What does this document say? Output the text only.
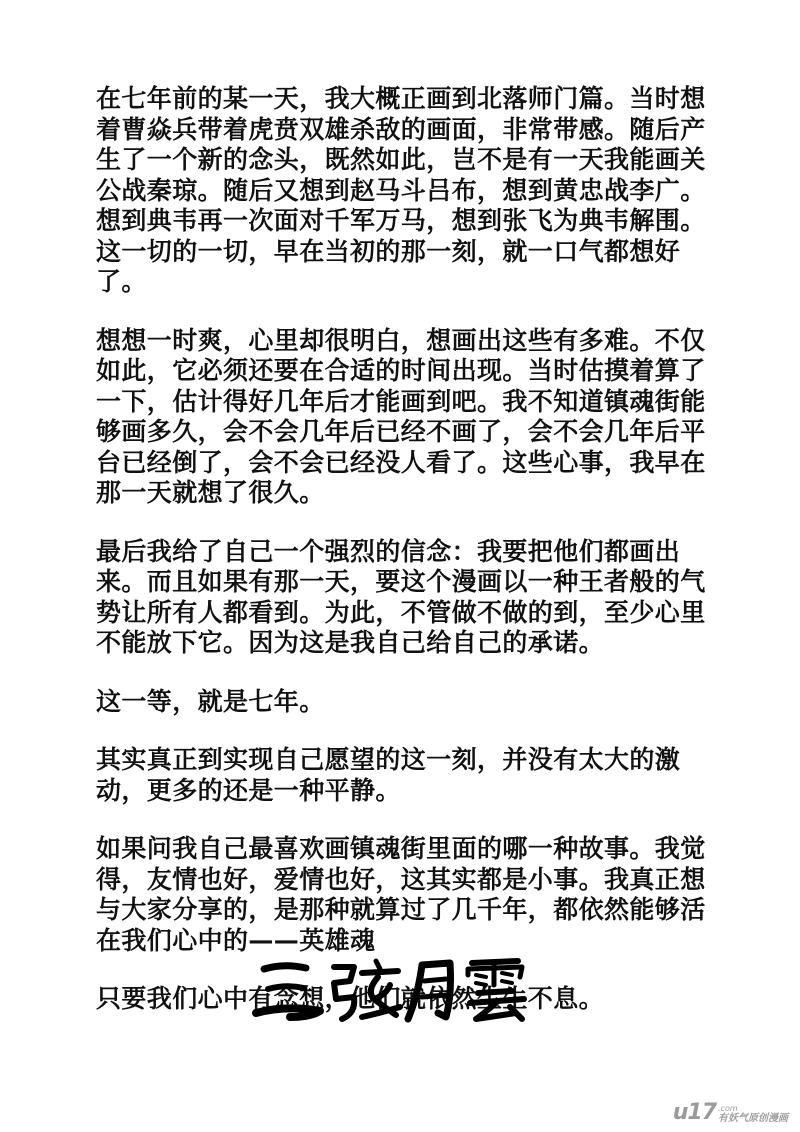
在七年前的某一天，我大概正画到北落师门篇。当时想着曹焱兵带着虎贲双雄杀敌的画面，非常带感。随后产生了一个新的念头，既然如此，岂不是有一天我能画关公战秦琼。随后又想到赵马斗吕布，想到黄忠战李广。想到典韦再一次面对千军万马，想到张飞为典韦解围。这一切的一切，早在当初的那一刻，就一口气都想好了。

想想一时爽，心里却很明白，想画出这些有多难。不仅如此，它必须还要在合适的时间出现。当时估摸着算了一下，估计得好几年后才能画到吧。我不知道镇魂街能够画多久，会不会几年后已经不画了，会不会几年后平台已经倒了，会不会已经没人看了。这些心事，我早在那一天就想了很久。

最后我给了自己一个强烈的信念：我要把他们都画出来。而且如果有那一天，要这个漫画以一种王者般的气势让所有人都看到。为此，不管做不做的到，至少心里不能放下它。因为这是我自己给自己的承诺。

这一等，就是七年。

其实真正到实现自己愿望的这一刻，并没有太大的激动，更多的还是一种平静。

如果问我自己最喜欢画镇魂街里面的哪一种故事。我觉得，友情也好，爱情也好，这其实都是小事。我真正想与大家分享的，是那种就算过了几千年，都依然能够活在我们心中的——英雄魂

只要我们心中有念想，他们就依然生生不息。

u17 .com
有妖气原创漫画
